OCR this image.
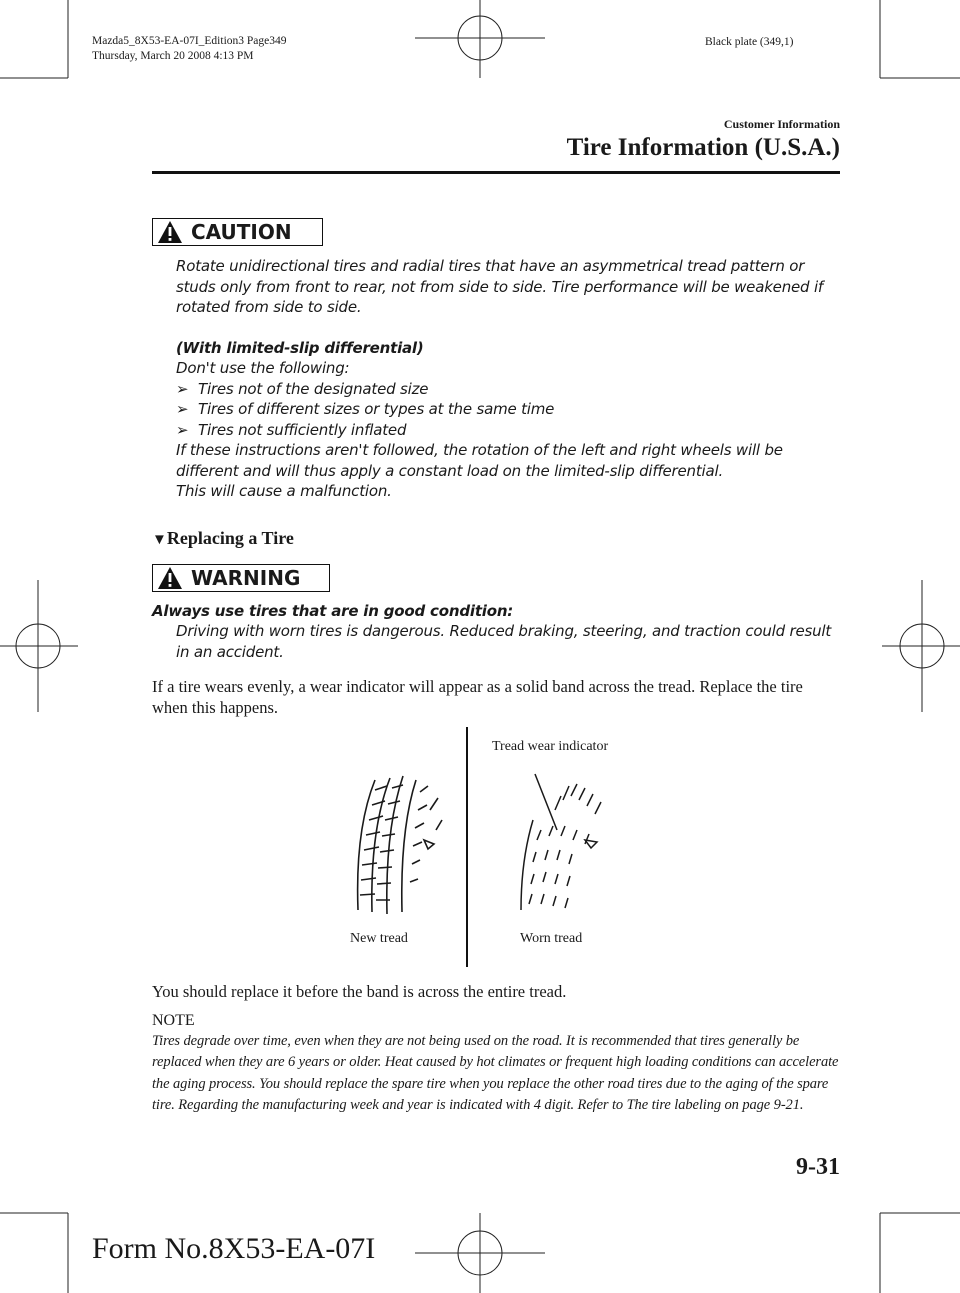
Mazda5_8X53-EA-07I_Edition3 Page349
Thursday, March 20 2008 4:13 PM
Black plate (349,1)
Customer Information
Tire Information (U.S.A.)
CAUTION

Rotate unidirectional tires and radial tires that have an asymmetrical tread pattern or studs only from front to rear, not from side to side. Tire performance will be weakened if rotated from side to side.

(With limited-slip differential)

Don't use the following:

➢ Tires not of the designated size

➢ Tires of different sizes or types at the same time

➢ Tires not sufficiently inflated

If these instructions aren't followed, the rotation of the left and right wheels will be different and will thus apply a constant load on the limited-slip differential.

This will cause a malfunction.

▼Replacing a Tire
WARNING
Always use tires that are in good condition:
Driving with worn tires is dangerous. Reduced braking, steering, and traction could result in an accident.
If a tire wears evenly, a wear indicator will appear as a solid band across the tread. Replace the tire when this happens.
Tread wear indicator
New tread	Worn tread
You should replace it before the band is across the entire tread.
NOTE
Tires degrade over time, even when they are not being used on the road. It is recommended that tires generally be replaced when they are 6 years or older. Heat caused by hot climates or frequent high loading conditions can accelerate the aging process. You should replace the spare tire when you replace the other road tires due to the aging of the spare tire. Regarding the manufacturing week and year is indicated with 4 digit. Refer to The tire labeling on page 9-21.
9-31
Form No.8X53-EA-07I
